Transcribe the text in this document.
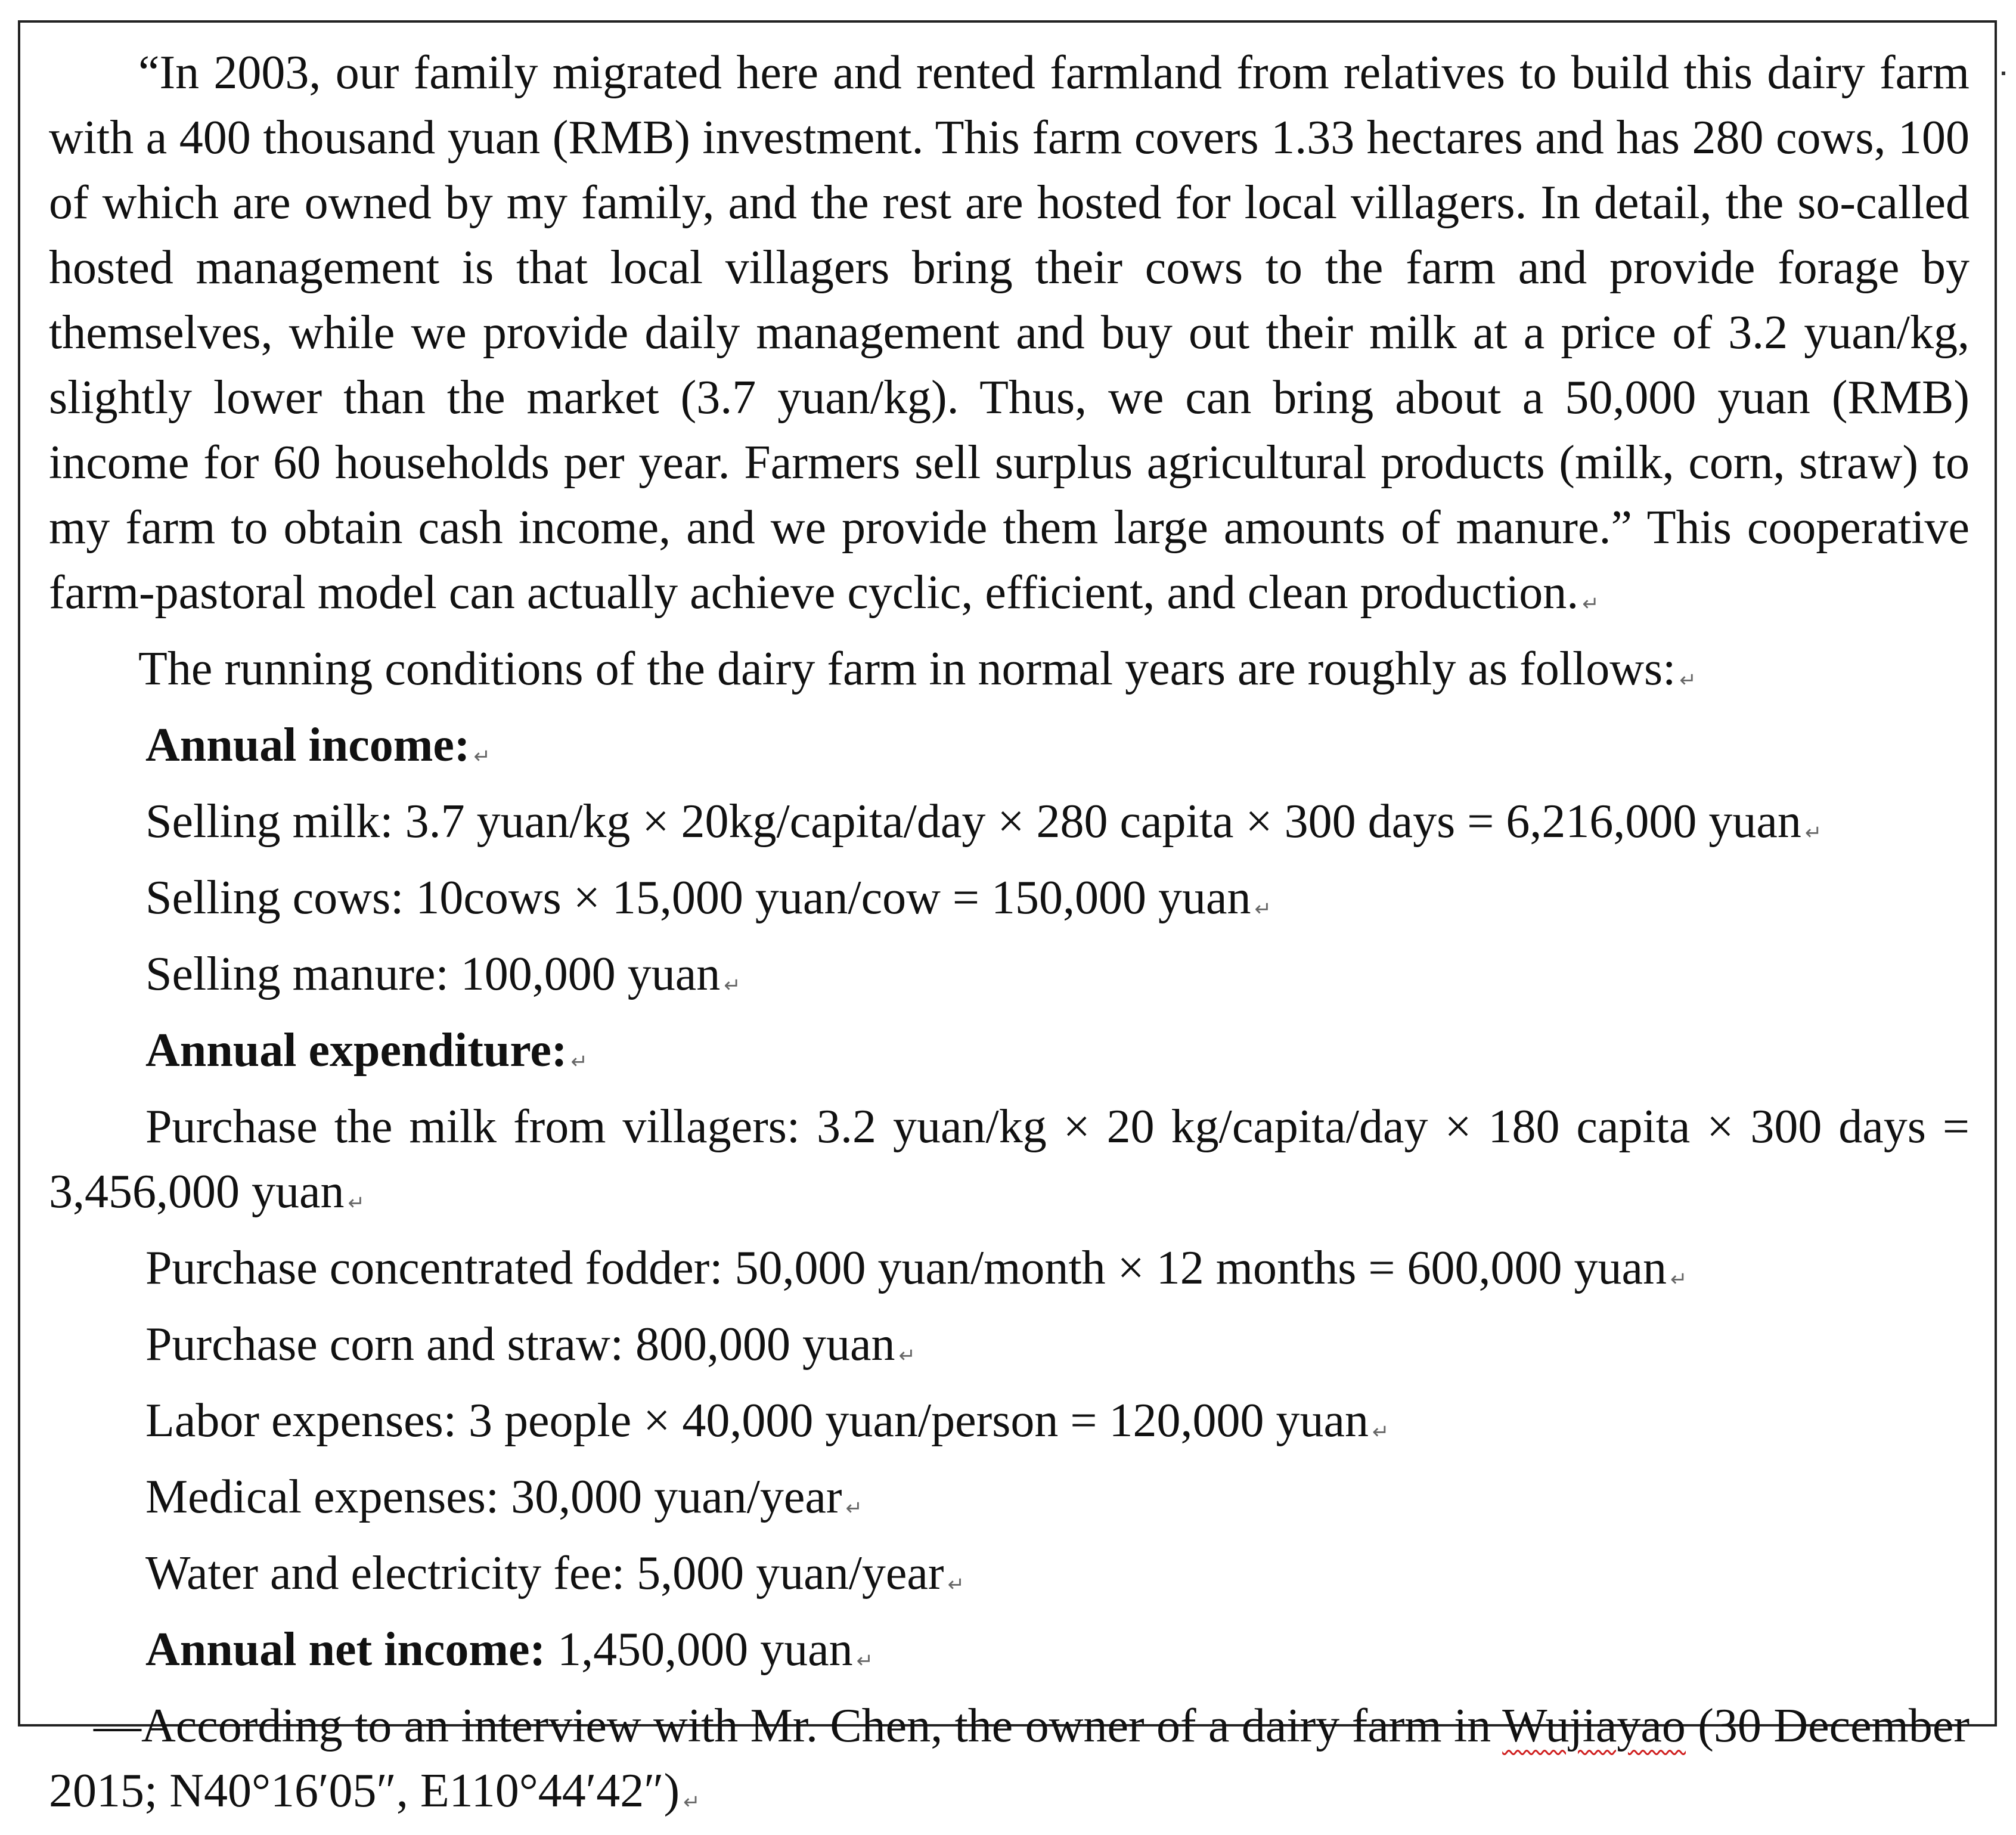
“In 2003, our family migrated here and rented farmland from relatives to build this dairy farm with a 400 thousand yuan (RMB) investment. This farm covers 1.33 hectares and has 280 cows, 100 of which are owned by my family, and the rest are hosted for local villagers. In detail, the so-called hosted management is that local villagers bring their cows to the farm and provide forage by themselves, while we provide daily management and buy out their milk at a price of 3.2 yuan/kg, slightly lower than the market (3.7 yuan/kg). Thus, we can bring about a 50,000 yuan (RMB) income for 60 households per year. Farmers sell surplus agricultural products (milk, corn, straw) to my farm to obtain cash income, and we provide them large amounts of manure.” This cooperative farm-pastoral model can actually achieve cyclic, efficient, and clean production. ↵

The running conditions of the dairy farm in normal years are roughly as follows: ↵

Annual income: ↵

Selling milk: 3.7 yuan/kg × 20kg/capita/day × 280 capita × 300 days = 6,216,000 yuan ↵

Selling cows: 10cows × 15,000 yuan/cow = 150,000 yuan ↵

Selling manure: 100,000 yuan ↵

Annual expenditure: ↵

Purchase the milk from villagers: 3.2 yuan/kg × 20 kg/capita/day × 180 capita × 300 days = 3,456,000 yuan ↵

Purchase concentrated fodder: 50,000 yuan/month × 12 months = 600,000 yuan ↵

Purchase corn and straw: 800,000 yuan ↵

Labor expenses: 3 people × 40,000 yuan/person = 120,000 yuan ↵

Medical expenses: 30,000 yuan/year ↵

Water and electricity fee: 5,000 yuan/year ↵

Annual net income: 1,450,000 yuan ↵

—According to an interview with Mr. Chen, the owner of a dairy farm in Wujiayao (30 December 2015; N40°16′05″, E110°44′42″) ↵
